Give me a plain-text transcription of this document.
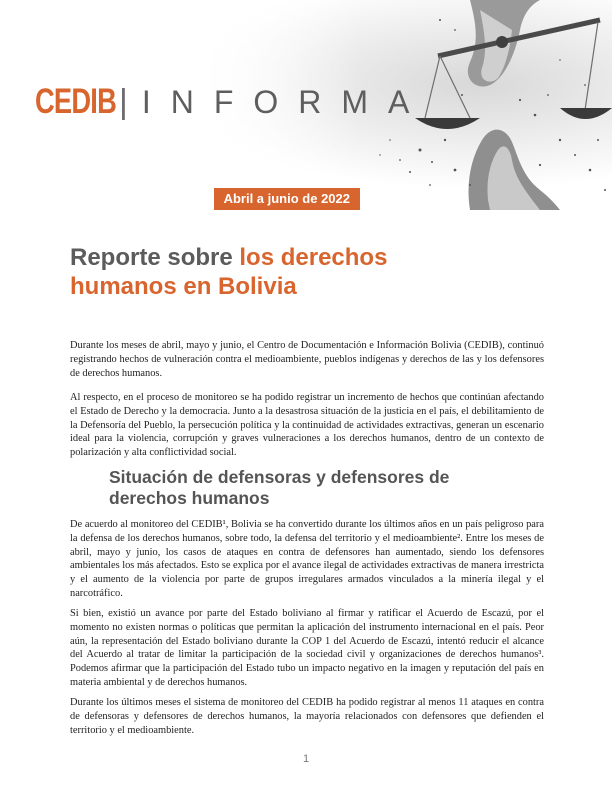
CEDIB | INFORMA
Abril a junio de 2022
Reporte sobre los derechos
humanos en Bolivia

Durante los meses de abril, mayo y junio, el Centro de Documentación e Información Bolivia (CEDIB), continuó registrando hechos de vulneración contra el medioambiente, pueblos indígenas y derechos de las y los defensores de derechos humanos.

Al respecto, en el proceso de monitoreo se ha podido registrar un incremento de hechos que continúan afectando el Estado de Derecho y la democracia. Junto a la desastrosa situación de la justicia en el país, el debilitamiento de la Defensoría del Pueblo, la persecución política y la continuidad de actividades extractivas, generan un escenario ideal para la violencia, corrupción y graves vulneraciones a los derechos humanos, dentro de un contexto de polarización y alta conflictividad social.

Situación de defensoras y defensores de derechos humanos

De acuerdo al monitoreo del CEDIB¹, Bolivia se ha convertido durante los últimos años en un país peligroso para la defensa de los derechos humanos, sobre todo, la defensa del territorio y el medioambiente². Entre los meses de abril, mayo y junio, los casos de ataques en contra de defensores han aumentado, siendo los defensores ambientales los más afectados. Esto se explica por el avance ilegal de actividades extractivas de manera irrestricta y el aumento de la violencia por parte de grupos irregulares armados vinculados a la minería ilegal y el narcotráfico.

Si bien, existió un avance por parte del Estado boliviano al firmar y ratificar el Acuerdo de Escazú, por el momento no existen normas o políticas que permitan la aplicación del instrumento internacional en el país. Peor aún, la representación del Estado boliviano durante la COP 1 del Acuerdo de Escazú, intentó reducir el alcance del Acuerdo al tratar de limitar la participación de la sociedad civil y organizaciones de derechos humanos³. Podemos afirmar que la participación del Estado tubo un impacto negativo en la imagen y reputación del país en materia ambiental y de derechos humanos.

Durante los últimos meses el sistema de monitoreo del CEDIB ha podido registrar al menos 11 ataques en contra de defensoras y defensores de derechos humanos, la mayoría relacionados con defensores que defienden el territorio y el medioambiente.

1
